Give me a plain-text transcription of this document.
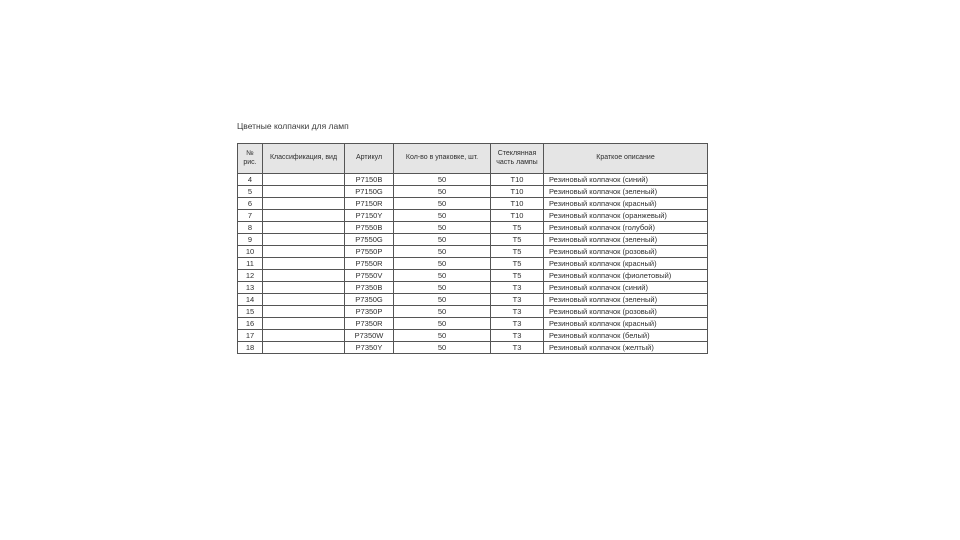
Цветные колпачки для ламп
№ рис.	Классификация, вид	Артикул	Кол-во в упаковке, шт.	Стеклянная часть лампы	Краткое описание
4		P7150B	50	T10	Резиновый колпачок (синий)
5		P7150G	50	T10	Резиновый колпачок (зеленый)
6		P7150R	50	T10	Резиновый колпачок (красный)
7		P7150Y	50	T10	Резиновый колпачок (оранжевый)
8		P7550B	50	T5	Резиновый колпачок (голубой)
9		P7550G	50	T5	Резиновый колпачок (зеленый)
10		P7550P	50	T5	Резиновый колпачок (розовый)
11		P7550R	50	T5	Резиновый колпачок (красный)
12		P7550V	50	T5	Резиновый колпачок (фиолетовый)
13		P7350B	50	T3	Резиновый колпачок (синий)
14		P7350G	50	T3	Резиновый колпачок (зеленый)
15		P7350P	50	T3	Резиновый колпачок (розовый)
16		P7350R	50	T3	Резиновый колпачок (красный)
17		P7350W	50	T3	Резиновый колпачок (белый)
18		P7350Y	50	T3	Резиновый колпачок (желтый)
